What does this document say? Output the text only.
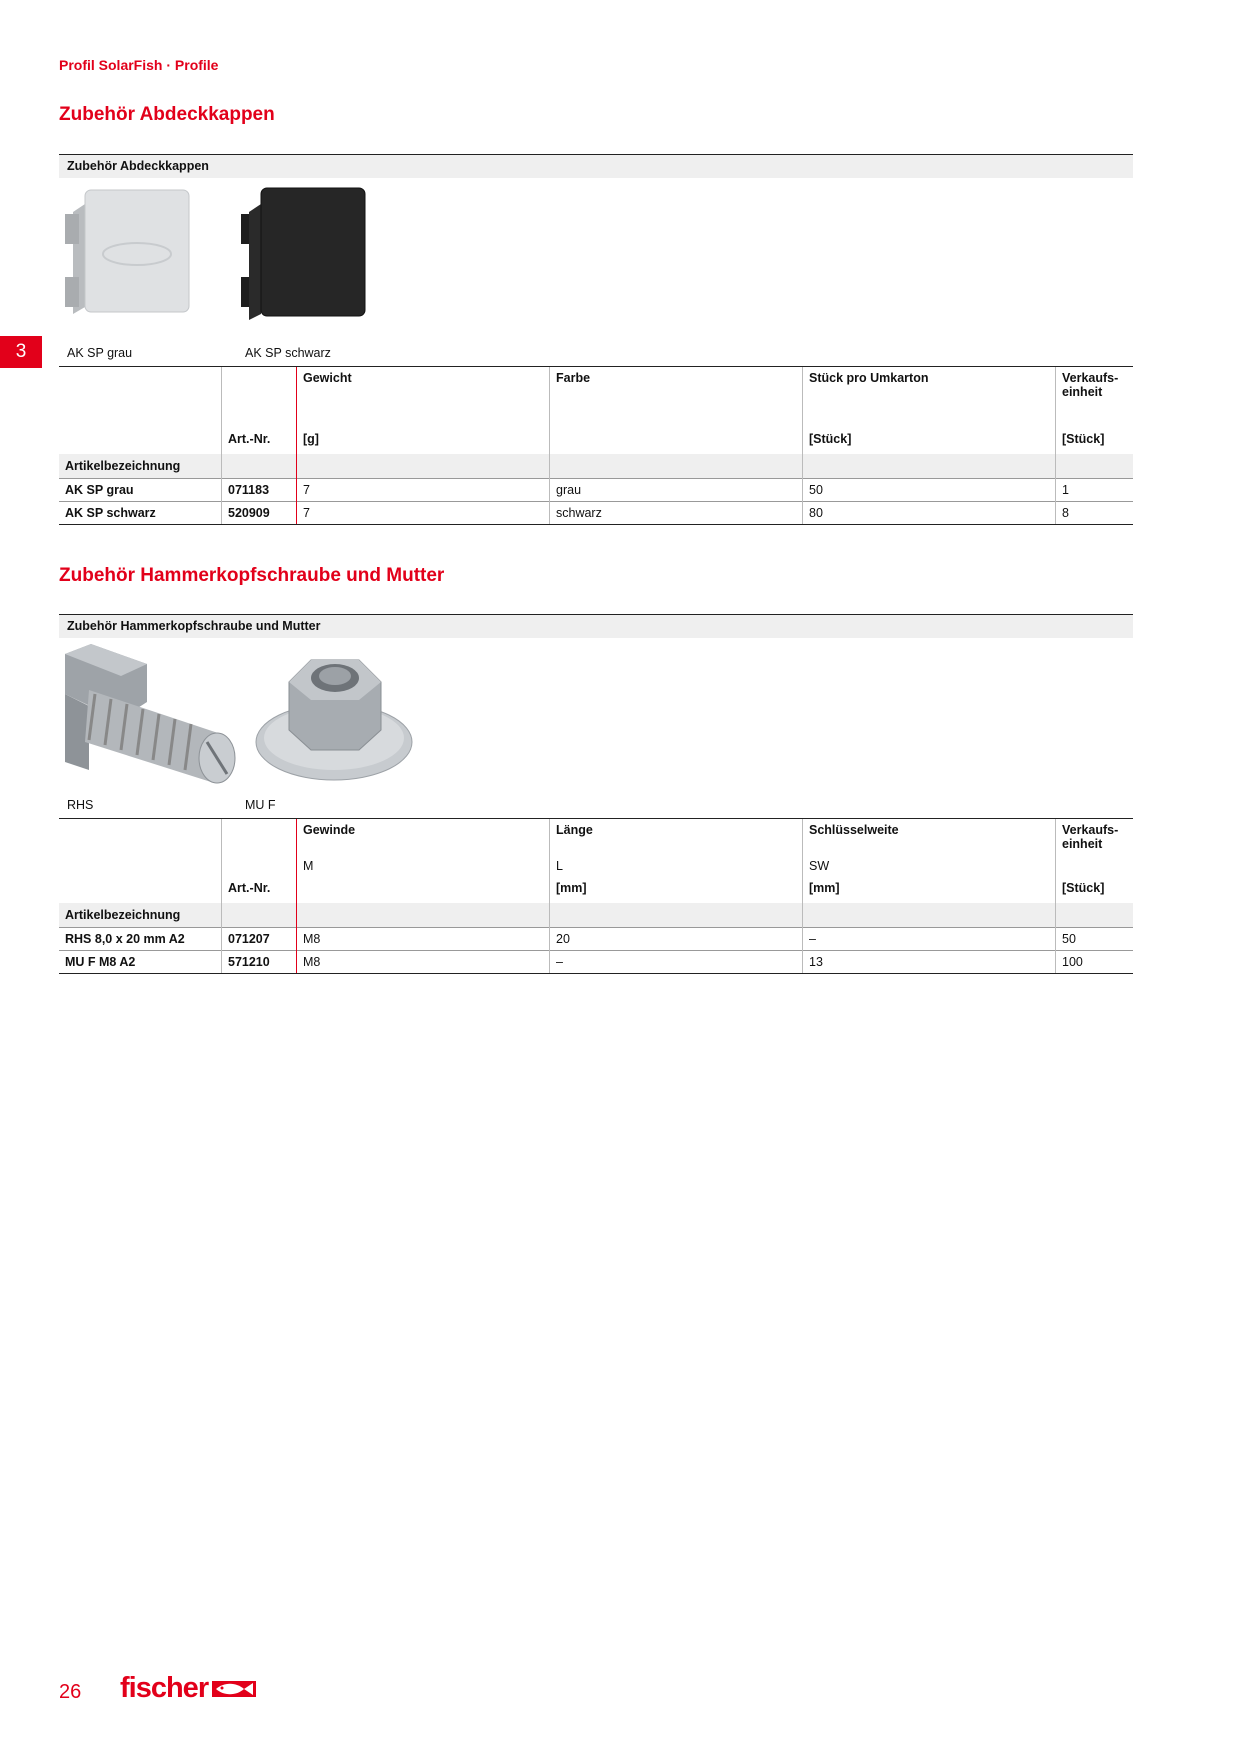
Profil SolarFish · Profile
3
Zubehör Abdeckkappen
Zubehör Abdeckkappen
AK SP grau	AK SP schwarz
		Gewicht	Farbe	Stück pro Umkarton	Verkaufs-
einheit
	Art.-Nr.	[g]		[Stück]	[Stück]
Artikelbezeichnung					
AK SP grau	071183	7	grau	50	1
AK SP schwarz	520909	7	schwarz	80	8
Zubehör Hammerkopfschraube und Mutter
Zubehör Hammerkopfschraube und Mutter
RHS	MU F
		Gewinde	Länge	Schlüsselweite	Verkaufs-
einheit
		M	L	SW	
	Art.-Nr.		[mm]	[mm]	[Stück]
Artikelbezeichnung					
RHS 8,0 x 20 mm A2	071207	M8	20	–	50
MU F M8 A2	571210	M8	–	13	100
26 fischer
